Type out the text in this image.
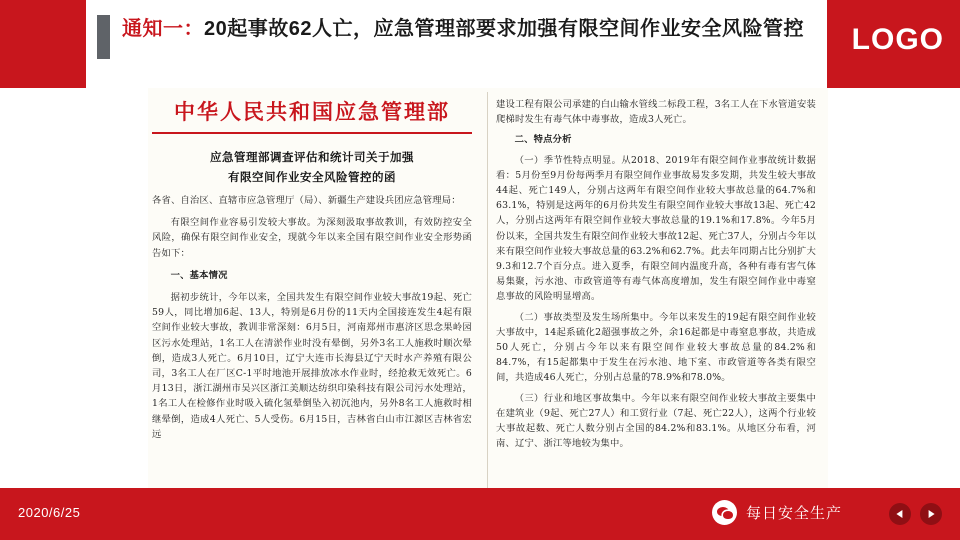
通知一：20起事故62人亡，应急管理部要求加强有限空间作业安全风险管控 LOGO
中华人民共和国应急管理部
应急管理部调查评估和统计司关于加强
有限空间作业安全风险管控的函
各省、自治区、直辖市应急管理厅（局）、新疆生产建设兵团应急管理局：
有限空间作业容易引发较大事故。为深刻汲取事故教训，有效防控安全风险，确保有限空间作业安全，现就今年以来全国有限空间作业安全形势函告如下：
一、基本情况
据初步统计，今年以来，全国共发生有限空间作业较大事故19起、死亡59人，同比增加6起、13人，特别是6月份的11天内全国接连发生4起有限空间作业较大事故，教训非常深刻：6月5日，河南郑州市惠济区思念果岭园区污水处理站，1名工人在清淤作业时没有晕倒，另外3名工人施救时顺次晕倒，造成3人死亡。6月10日，辽宁大连市长海县辽宁天时水产养殖有限公司，3名工人在厂区C-1平时地池开展排放冰水作业时，经抢救无效死亡。6月13日，浙江湖州市吴兴区浙江美顺达纺织印染科技有限公司污水处理站，1名工人在检修作业时吸入硫化氢晕倒坠入初沉池内，另外8名工人施救时相继晕倒，造成4人死亡、5人受伤。6月15日，吉林省白山市江源区吉林省宏远
建设工程有限公司承建的白山输水管线二标段工程，3名工人在下水管道安装爬梯时发生有毒气体中毒事故，造成3人死亡。
二、特点分析
（一）季节性特点明显。从2018、2019年有限空间作业事故统计数据看：5月份至9月份每两季月有限空间作业事故易发多发期，共发生较大事故44起、死亡149人，分别占这两年有限空间作业较大事故总量的64.7%和63.1%，特别是这两年的6月份共发生有限空间作业较大事故13起、死亡42人，分别占这两年有限空间作业较大事故总量的19.1%和17.8%。今年5月份以来，全国共发生有限空间作业较大事故12起、死亡37人，分别占今年以来有限空间作业较大事故总量的63.2%和62.7%。此去年同期占比分别扩大9.3和12.7个百分点。进入夏季，有限空间内温度升高，各种有毒有害气体易集聚，污水池、市政管道等有毒气体高度增加，发生有限空间作业中毒窒息事故的风险明显增高。
（二）事故类型及发生场所集中。今年以来发生的19起有限空间作业较大事故中，14起系硫化2超强事故之外，余16起都是中毒窒息事故，共造成50人死亡，分别占今年以来有限空间作业较大事故总量的84.2%和84.7%，有15起都集中于发生在污水池、地下室、市政管道等各类有限空间，共造成46人死亡，分别占总量的78.9%和78.0%。
（三）行业和地区事故集中。今年以来有限空间作业较大事故主要集中在建筑业（9起、死亡27人）和工贸行业（7起、死亡22人），这两个行业较大事故起数、死亡人数分别占全国的84.2%和83.1%。从地区分布看，河南、辽宁、浙江等地较为集中。
2020/6/25	每日安全生产
